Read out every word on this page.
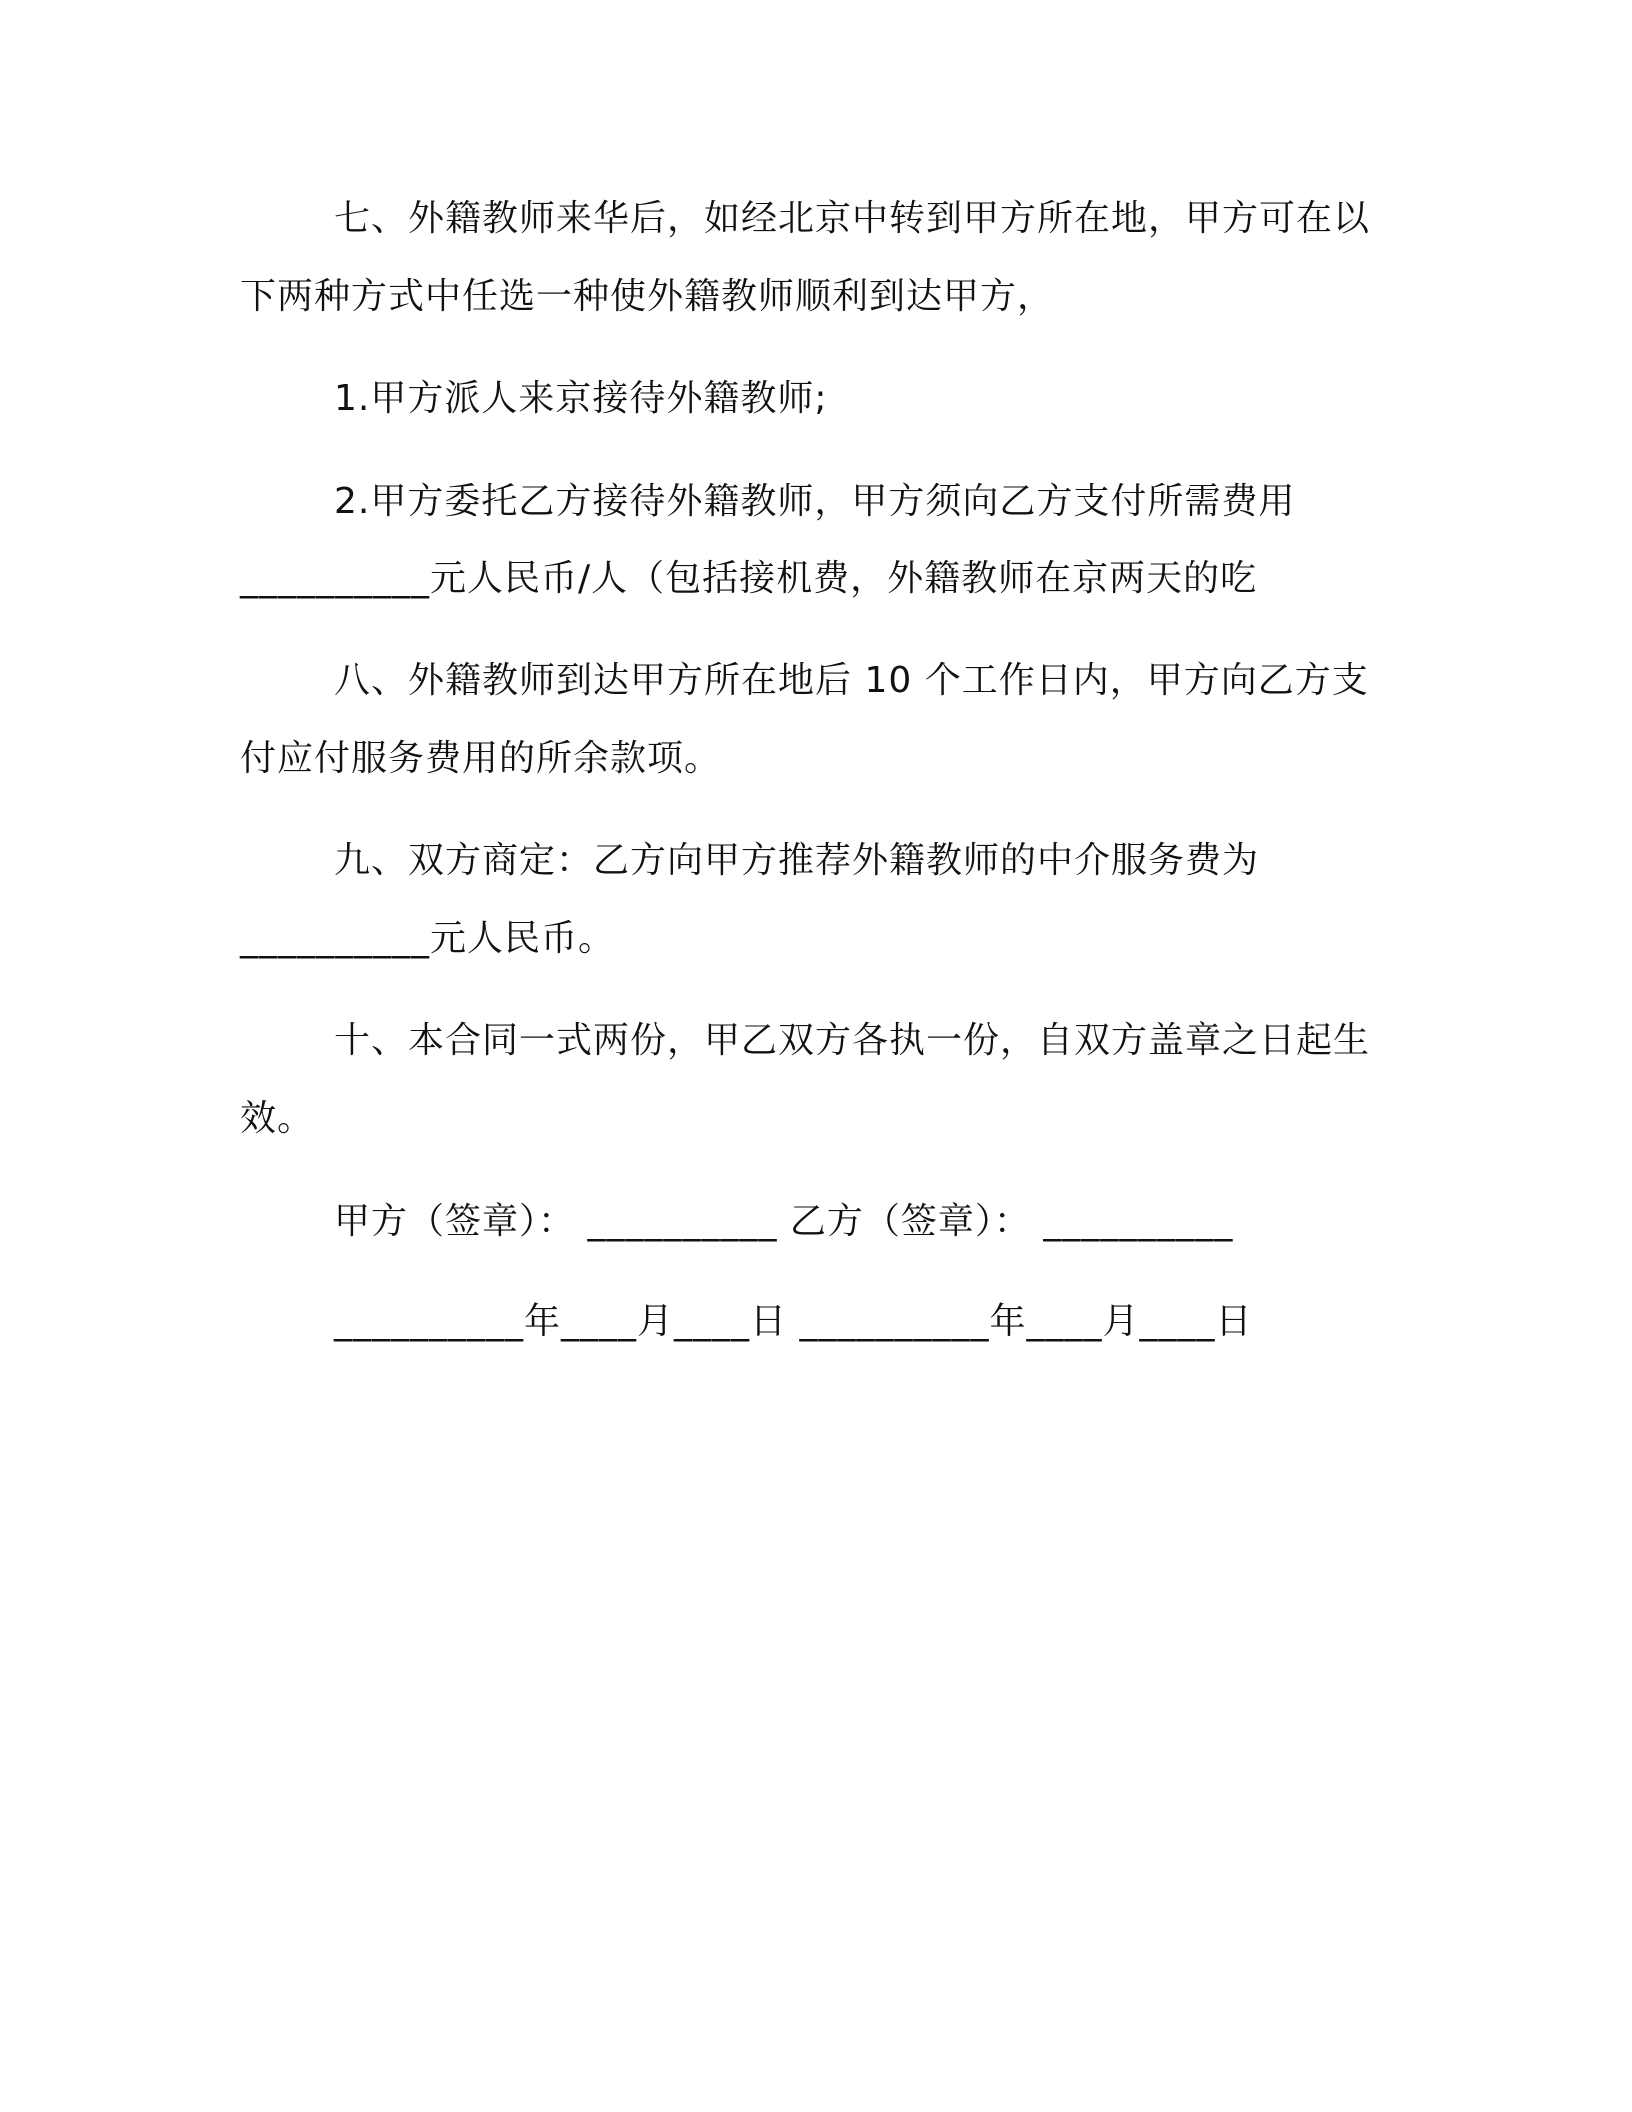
七、外籍教师来华后，如经北京中转到甲方所在地，甲方可在以
下两种方式中任选一种使外籍教师顺利到达甲方，
1.甲方派人来京接待外籍教师;
2.甲方委托乙方接待外籍教师，甲方须向乙方支付所需费用
__________元人民币/人（包括接机费，外籍教师在京两天的吃
八、外籍教师到达甲方所在地后 10 个工作日内，甲方向乙方支
付应付服务费用的所余款项。
九、双方商定：乙方向甲方推荐外籍教师的中介服务费为
__________元人民币。
十、本合同一式两份，甲乙双方各执一份，自双方盖章之日起生
效。
甲方（签章）： __________ 乙方（签章）： __________
__________年____月____日 __________年____月____日
